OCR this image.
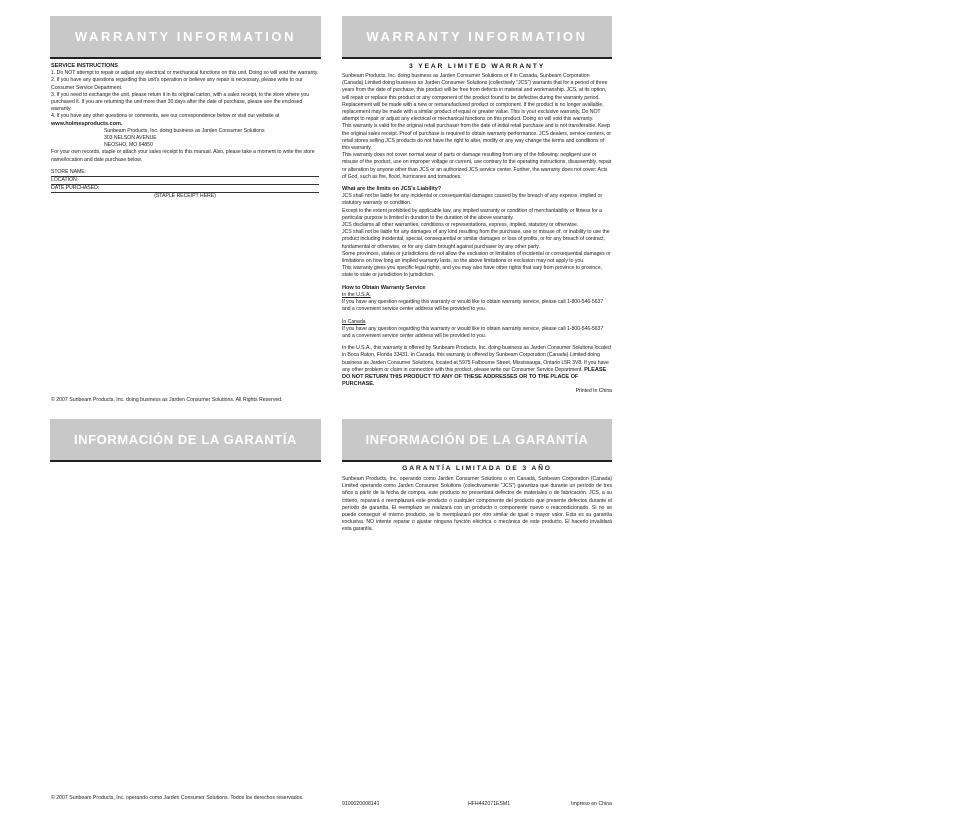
WARRANTY INFORMATION	WARRANTY INFORMATION
SERVICE INSTRUCTIONS
1. Do NOT attempt to repair or adjust any electrical or mechanical functions on this unit. Doing so will void the warranty.
2. If you have any questions regarding this unit's operation or believe any repair is necessary, please write to our Consumer Service Department.
3. If you need to exchange the unit, please return it in its original carton, with a sales receipt, to the store where you purchased it. If you are returning the unit more than 30 days after the date of purchase, please see the enclosed warranty.
4. If you have any other questions or comments, see our correspondence below or visit our website at
www.holmesproducts.com.
Sunbeam Products, Inc. doing business as Jarden Consumer Solutions
303 NELSON AVENUE
NEOSHO, MO 64850
For your own records, staple or attach your sales receipt to this manual. Also, please take a moment to write the store name/location and date purchase below.
STORE NAME:
LOCATION:
DATE PURCHASED:
(STAPLE RECEIPT HERE)
© 2007 Sunbeam Products, Inc. doing business as Jarden Consumer Solutions. All Rights Reserved.
3 YEAR LIMITED WARRANTY
Sunbeam Products, Inc. doing business as Jarden Consumer Solutions or if in Canada, Sunbeam Corporation (Canada) Limited doing business as Jarden Consumer Solutions (collectively "JCS") warrants that for a period of three years from the date of purchase, this product will be free from defects in material and workmanship. JCS, at its option, will repair or replace this product or any component of the product found to be defective during the warranty period. Replacement will be made with a new or remanufactured product or component. If the product is no longer available, replacement may be made with a similar product of equal or greater value. This is your exclusive warranty. Do NOT attempt to repair or adjust any electrical or mechanical functions on this product. Doing so will void this warranty.
This warranty is valid for the original retail purchaser from the date of initial retail purchase and is not transferable. Keep the original sales receipt. Proof of purchase is required to obtain warranty performance. JCS dealers, service centers, or retail stores selling JCS products do not have the right to alter, modify or any way change the terms and conditions of this warranty.
This warranty does not cover normal wear of parts or damage resulting from any of the following: negligent use or misuse of the product, use on improper voltage or current, use contrary to the operating instructions, disassembly, repair or alteration by anyone other than JCS or an authorized JCS service center. Further, the warranty does not cover: Acts of God, such as fire, flood, hurricanes and tornadoes.
What are the limits on JCS's Liability?
JCS shall not be liable for any incidental or consequential damages caused by the breach of any express, implied or statutory warranty or condition.
Except to the extent prohibited by applicable law, any implied warranty or condition of merchantability or fitness for a particular purpose is limited in duration to the duration of the above warranty.
JCS disclaims all other warranties, conditions or representations, express, implied, statutory or otherwise.
JCS shall not be liable for any damages of any kind resulting from the purchase, use or misuse of, or inability to use the product including incidental, special, consequential or similar damages or loss of profits, or for any breach of contract, fundamental or otherwise, or for any claim brought against purchaser by any other party.
Some provinces, states or jurisdictions do not allow the exclusion or limitation of incidental or consequential damages or limitations on how long an implied warranty lasts, so the above limitations or exclusion may not apply to you.
This warranty gives you specific legal rights, and you may also have other rights that vary from province to province, state to state or jurisdiction to jurisdiction.
How to Obtain Warranty Service
In the U.S.A.
If you have any question regarding this warranty or would like to obtain warranty service, please call 1-800-546-5637 and a convenient service center address will be provided to you.
In Canada
If you have any question regarding this warranty or would like to obtain warranty service, please call 1-800-546-5637 and a convenient service center address will be provided to you.
In the U.S.A., this warranty is offered by Sunbeam Products, Inc. doing business as Jarden Consumer Solutions located in Boca Raton, Florida 33431. In Canada, this warranty is offered by Sunbeam Corporation (Canada) Limited doing business as Jarden Consumer Solutions, located at 5975 Falbourne Street, Mississauga, Ontario L5R 3V8. If you have any other problem or claim in connection with this product, please write our Consumer Service Department. PLEASE DO NOT RETURN THIS PRODUCT TO ANY OF THESE ADDRESSES OR TO THE PLACE OF PURCHASE.
Printed In China
INFORMACIÓN DE LA GARANTÍA	INFORMACIÓN DE LA GARANTÍA
GARANTÍA LIMITADA DE 3 AÑO
Sunbeam Products, Inc. operando como Jarden Consumer Solutions o en Canadá, Sunbeam Corporation (Canada) Limited operando como Jarden Consumer Solutions (colectivamente "JCS") garantiza que durante un período de tres años a partir de la fecha de compra, este producto no presentará defectos de materiales o de fabricación. JCS, a su criterio, reparará o reemplazará este producto o cualquier componente del producto que presente defectos durante el período de garantía. El reemplazo se realizará con un producto o componente nuevo o reacondicionado. Si no se puede conseguir el mismo producto, se lo reemplazará por otro similar de igual o mayor valor. Esta es su garantía exclusiva. NO intente reparar o ajustar ninguna función eléctrica o mecánica de este producto. El hacerlo invalidará esta garantía.
© 2007 Sunbeam Products, Inc. operando como Jarden Consumer Solutions. Todos los derechos reservados.
9100020008141	HFH442071ESM1	Impreso en China
